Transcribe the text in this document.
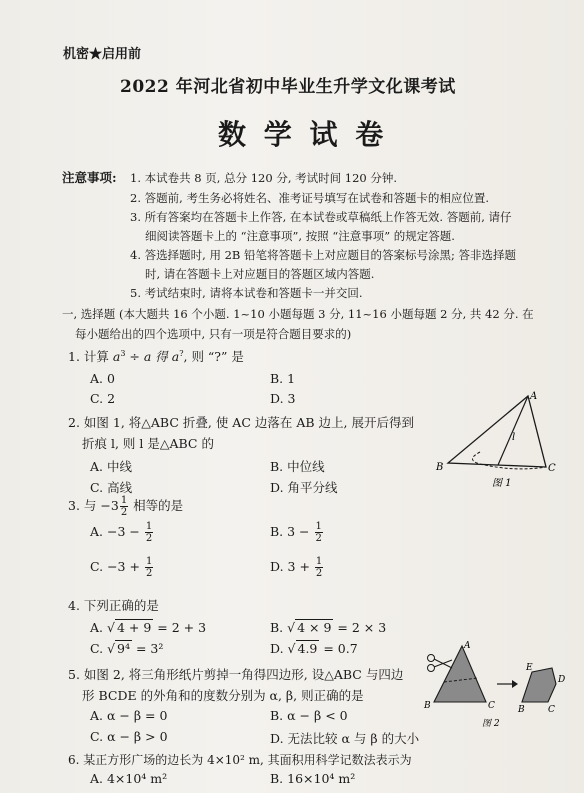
机密★启用前
2022 年河北省初中毕业生升学文化课考试
数 学 试 卷
注意事项: 1. 本试卷共 8 页, 总分 120 分, 考试时间 120 分钟.
2. 答题前, 考生务必将姓名、准考证号填写在试卷和答题卡的相应位置.
3. 所有答案均在答题卡上作答, 在本试卷或草稿纸上作答无效. 答题前, 请仔
细阅读答题卡上的 “注意事项”, 按照 “注意事项” 的规定答题.
4. 答选择题时, 用 2B 铅笔将答题卡上对应题目的答案标号涂黑; 答非选择题
时, 请在答题卡上对应题目的答题区域内答题.
5. 考试结束时, 请将本试卷和答题卡一并交回.
一, 选择题 (本大题共 16 个小题. 1~10 小题每题 3 分, 11~16 小题每题 2 分, 共 42 分. 在
每小题给出的四个选项中, 只有一项是符合题目要求的)
1. 计算 $a^3 \div a$ 得 a?, 则 “?” 是
A. 0	B. 1
C. 2	D. 3
2. 如图 1, 将△ABC 折叠, 使 AC 边落在 AB 边上, 展开后得到
折痕 l, 则 l 是△ABC 的
A. 中线	B. 中位线
C. 高线	D. 角平分线
A
B	C
l
图 1
3. 与 $-3 \frac{1}{2}$ 相等的是
A. $-3 - \frac{1}{2}$	B. $3 - \frac{1}{2}$
C. $-3 + \frac{1}{2}$	D. $3 + \frac{1}{2}$
4. 下列正确的是
A. √ 4 + 9 = 2 + 3	B. √ 4 × 9 = 2 × 3
C. √ 9⁴ = 3²	D. √ 4.9 = 0.7
5. 如图 2, 将三角形纸片剪掉一角得四边形, 设△ABC 与四边
形 BCDE 的外角和的度数分别为 α, β, 则正确的是
A. α − β = 0	B. α − β < 0
C. α − β > 0	D. 无法比较 α 与 β 的大小
A
B	C
E
D
B	C
图 2
6. 某正方形广场的边长为 4×10² m, 其面积用科学记数法表示为
A. 4×10⁴ m²	B. 16×10⁴ m²
